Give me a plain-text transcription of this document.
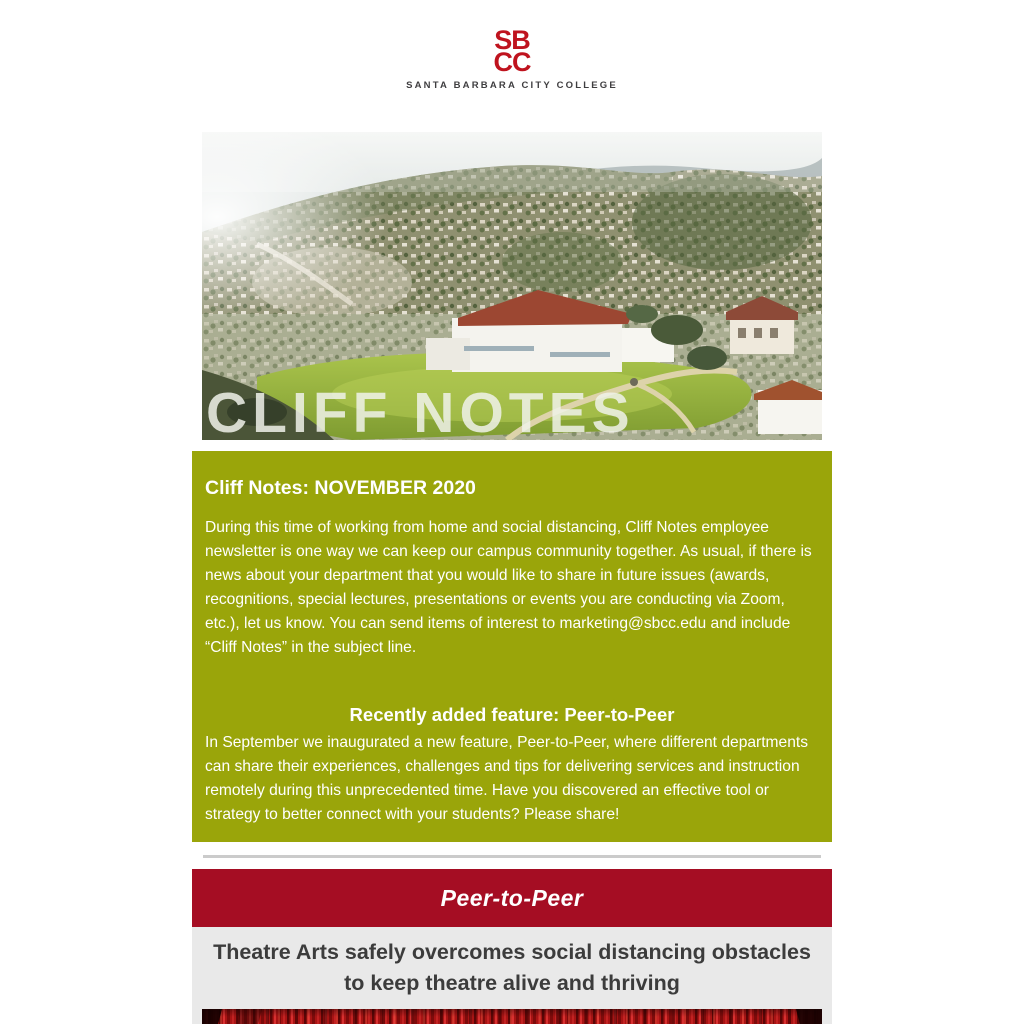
SB
CC
SANTA BARBARA CITY COLLEGE
CLIFF NOTES
Cliff Notes: NOVEMBER 2020
During this time of working from home and social distancing, Cliff Notes employee newsletter is one way we can keep our campus community together. As usual, if there is news about your department that you would like to share in future issues (awards, recognitions, special lectures, presentations or events you are conducting via Zoom, etc.), let us know. You can send items of interest to marketing@sbcc.edu and include “Cliff Notes” in the subject line.
Recently added feature: Peer-to-Peer
In September we inaugurated a new feature, Peer-to-Peer, where different departments can share their experiences, challenges and tips for delivering services and instruction remotely during this unprecedented time. Have you discovered an effective tool or strategy to better connect with your students? Please share!
Peer-to-Peer
Theatre Arts safely overcomes social distancing obstacles to keep theatre alive and thriving
